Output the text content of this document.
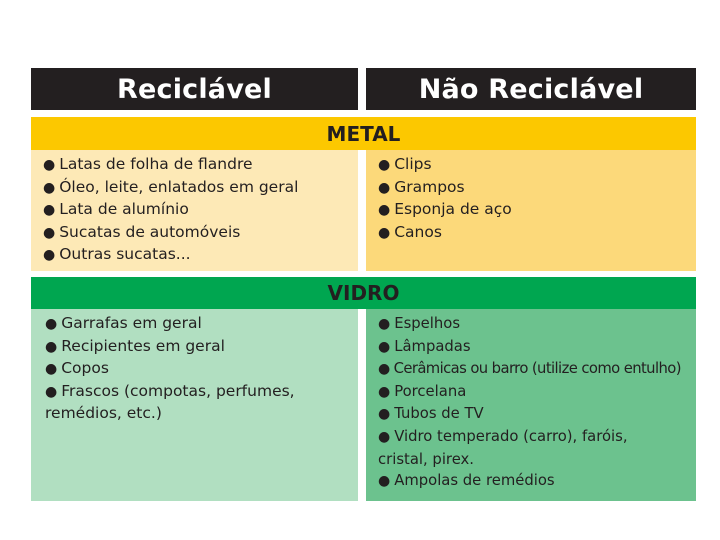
Reciclável	Não Reciclável
METAL
● Latas de folha de flandre
● Óleo, leite, enlatados em geral
● Lata de alumínio
● Sucatas de automóveis
● Outras sucatas...
● Clips
● Grampos
● Esponja de aço
● Canos
VIDRO
● Garrafas em geral
● Recipientes em geral
● Copos
● Frascos (compotas, perfumes, remédios, etc.)
● Espelhos
● Lâmpadas
● Cerâmicas ou barro (utilize como entulho)
● Porcelana
● Tubos de TV
● Vidro temperado (carro), faróis, cristal, pirex.
● Ampolas de remédios
